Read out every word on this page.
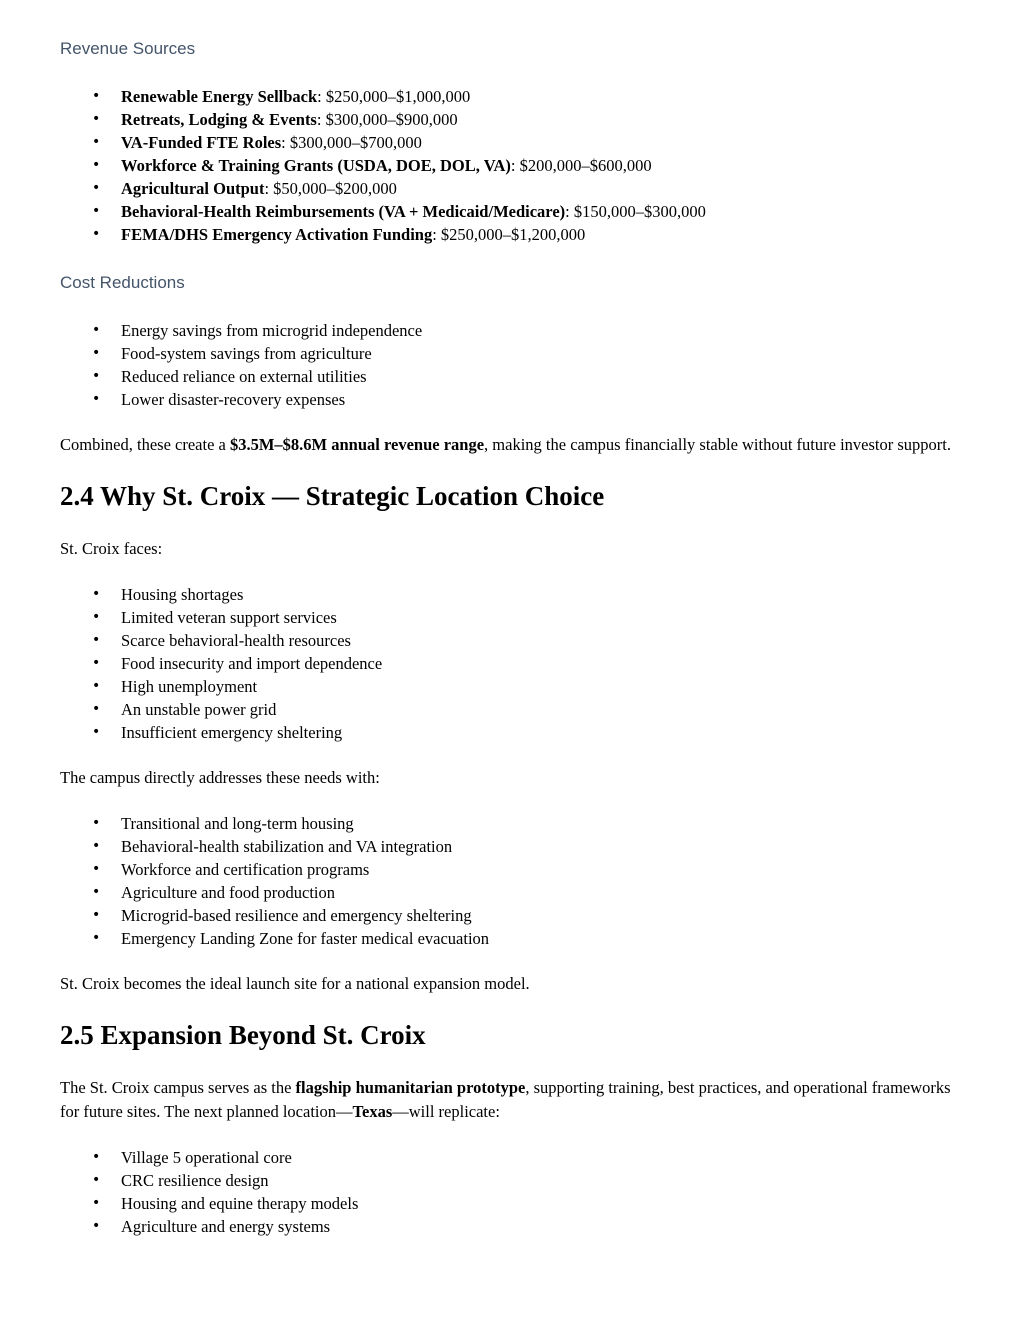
Revenue Sources
• Renewable Energy Sellback: $250,000–$1,000,000
• Retreats, Lodging & Events: $300,000–$900,000
• VA-Funded FTE Roles: $300,000–$700,000
• Workforce & Training Grants (USDA, DOE, DOL, VA): $200,000–$600,000
• Agricultural Output: $50,000–$200,000
• Behavioral-Health Reimbursements (VA + Medicaid/Medicare): $150,000–$300,000
• FEMA/DHS Emergency Activation Funding: $250,000–$1,200,000
Cost Reductions
• Energy savings from microgrid independence
• Food-system savings from agriculture
• Reduced reliance on external utilities
• Lower disaster-recovery expenses

Combined, these create a $3.5M–$8.6M annual revenue range, making the campus financially stable without future investor support.

2.4 Why St. Croix — Strategic Location Choice

St. Croix faces:

• Housing shortages
• Limited veteran support services
• Scarce behavioral-health resources
• Food insecurity and import dependence
• High unemployment
• An unstable power grid
• Insufficient emergency sheltering

The campus directly addresses these needs with:

• Transitional and long-term housing
• Behavioral-health stabilization and VA integration
• Workforce and certification programs
• Agriculture and food production
• Microgrid-based resilience and emergency sheltering
• Emergency Landing Zone for faster medical evacuation

St. Croix becomes the ideal launch site for a national expansion model.

2.5 Expansion Beyond St. Croix

The St. Croix campus serves as the flagship humanitarian prototype, supporting training, best practices, and operational frameworks for future sites. The next planned location—Texas—will replicate:

• Village 5 operational core
• CRC resilience design
• Housing and equine therapy models
• Agriculture and energy systems
